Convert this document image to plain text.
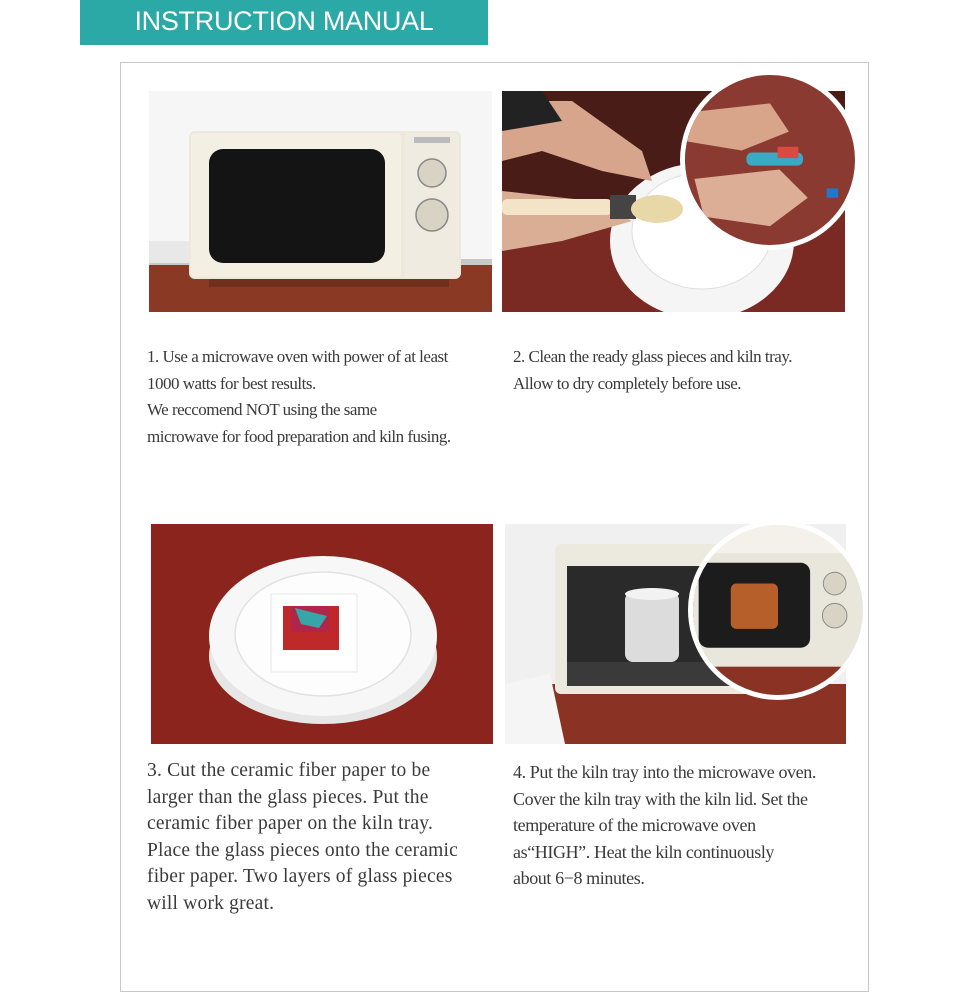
INSTRUCTION MANUAL

1. Use a microwave oven with power of at least
1000 watts for best results.
We reccomend NOT using the same
microwave for food preparation and kiln fusing.

2. Clean the ready glass pieces and kiln tray.
Allow to dry completely before use.

3. Cut the ceramic fiber paper to be
larger than the glass pieces. Put the
ceramic fiber paper on the kiln tray.
Place the glass pieces onto the ceramic
fiber paper. Two layers of glass pieces
will work great.

4. Put the kiln tray into the microwave oven.
Cover the kiln tray with the kiln lid. Set the
temperature of the microwave oven
as“HIGH”. Heat the kiln continuously
about 6−8 minutes.
